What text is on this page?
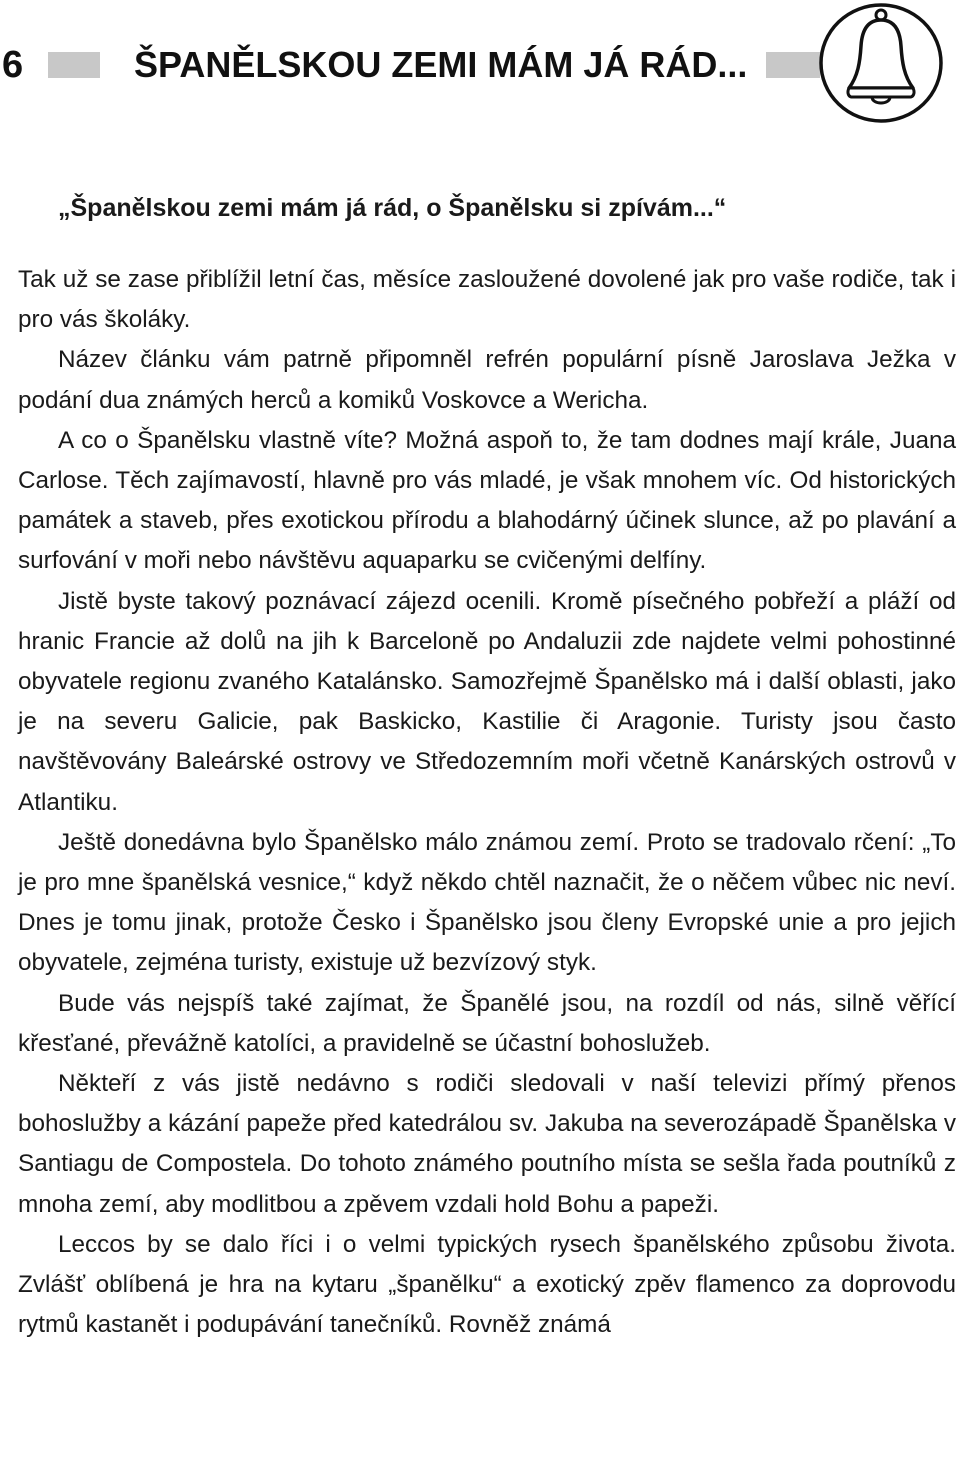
6	ŠPANĚLSKOU ZEMI MÁM JÁ RÁD...
„Španělskou zemi mám já rád, o Španělsku si zpívám...“

Tak už se zase přiblížil letní čas, měsíce zasloužené dovolené jak pro vaše rodiče, tak i pro vás školáky.

Název článku vám patrně připomněl refrén populární písně Jaroslava Ježka v podání dua známých herců a komiků Voskovce a Wericha.

A co o Španělsku vlastně víte? Možná aspoň to, že tam dodnes mají krále, Juana Carlose. Těch zajímavostí, hlavně pro vás mladé, je však mnohem víc. Od historických památek a staveb, přes exotickou přírodu a blahodárný účinek slunce, až po plavání a surfování v moři nebo návštěvu aquaparku se cvičenými delfíny.

Jistě byste takový poznávací zájezd ocenili. Kromě písečného pobřeží a pláží od hranic Francie až dolů na jih k Barceloně po Andaluzii zde najdete velmi pohostinné obyvatele regionu zvaného Katalánsko. Samozřejmě Španělsko má i další oblasti, jako je na severu Galicie, pak Baskicko, Kastilie či Aragonie. Turisty jsou často navštěvovány Baleárské ostrovy ve Středozemním moři včetně Kanárských ostrovů v Atlantiku.

Ještě donedávna bylo Španělsko málo známou zemí. Proto se tradovalo rčení: „To je pro mne španělská vesnice,“ když někdo chtěl naznačit, že o něčem vůbec nic neví. Dnes je tomu jinak, protože Česko i Španělsko jsou členy Evropské unie a pro jejich obyvatele, zejména turisty, existuje už bezvízový styk.

Bude vás nejspíš také zajímat, že Španělé jsou, na rozdíl od nás, silně věřící křesťané, převážně katolíci, a pravidelně se účastní bohoslužeb.

Někteří z vás jistě nedávno s rodiči sledovali v naší televizi přímý přenos bohoslužby a kázání papeže před katedrálou sv. Jakuba na severozápadě Španělska v Santiagu de Compostela. Do tohoto známého poutního místa se sešla řada poutníků z mnoha zemí, aby modlitbou a zpěvem vzdali hold Bohu a papeži.

Leccos by se dalo říci i o velmi typických rysech španělského způsobu života. Zvlášť oblíbená je hra na kytaru „španělku“ a exotický zpěv flamenco za doprovodu rytmů kastanět i podupávání tanečníků. Rovněž známá
